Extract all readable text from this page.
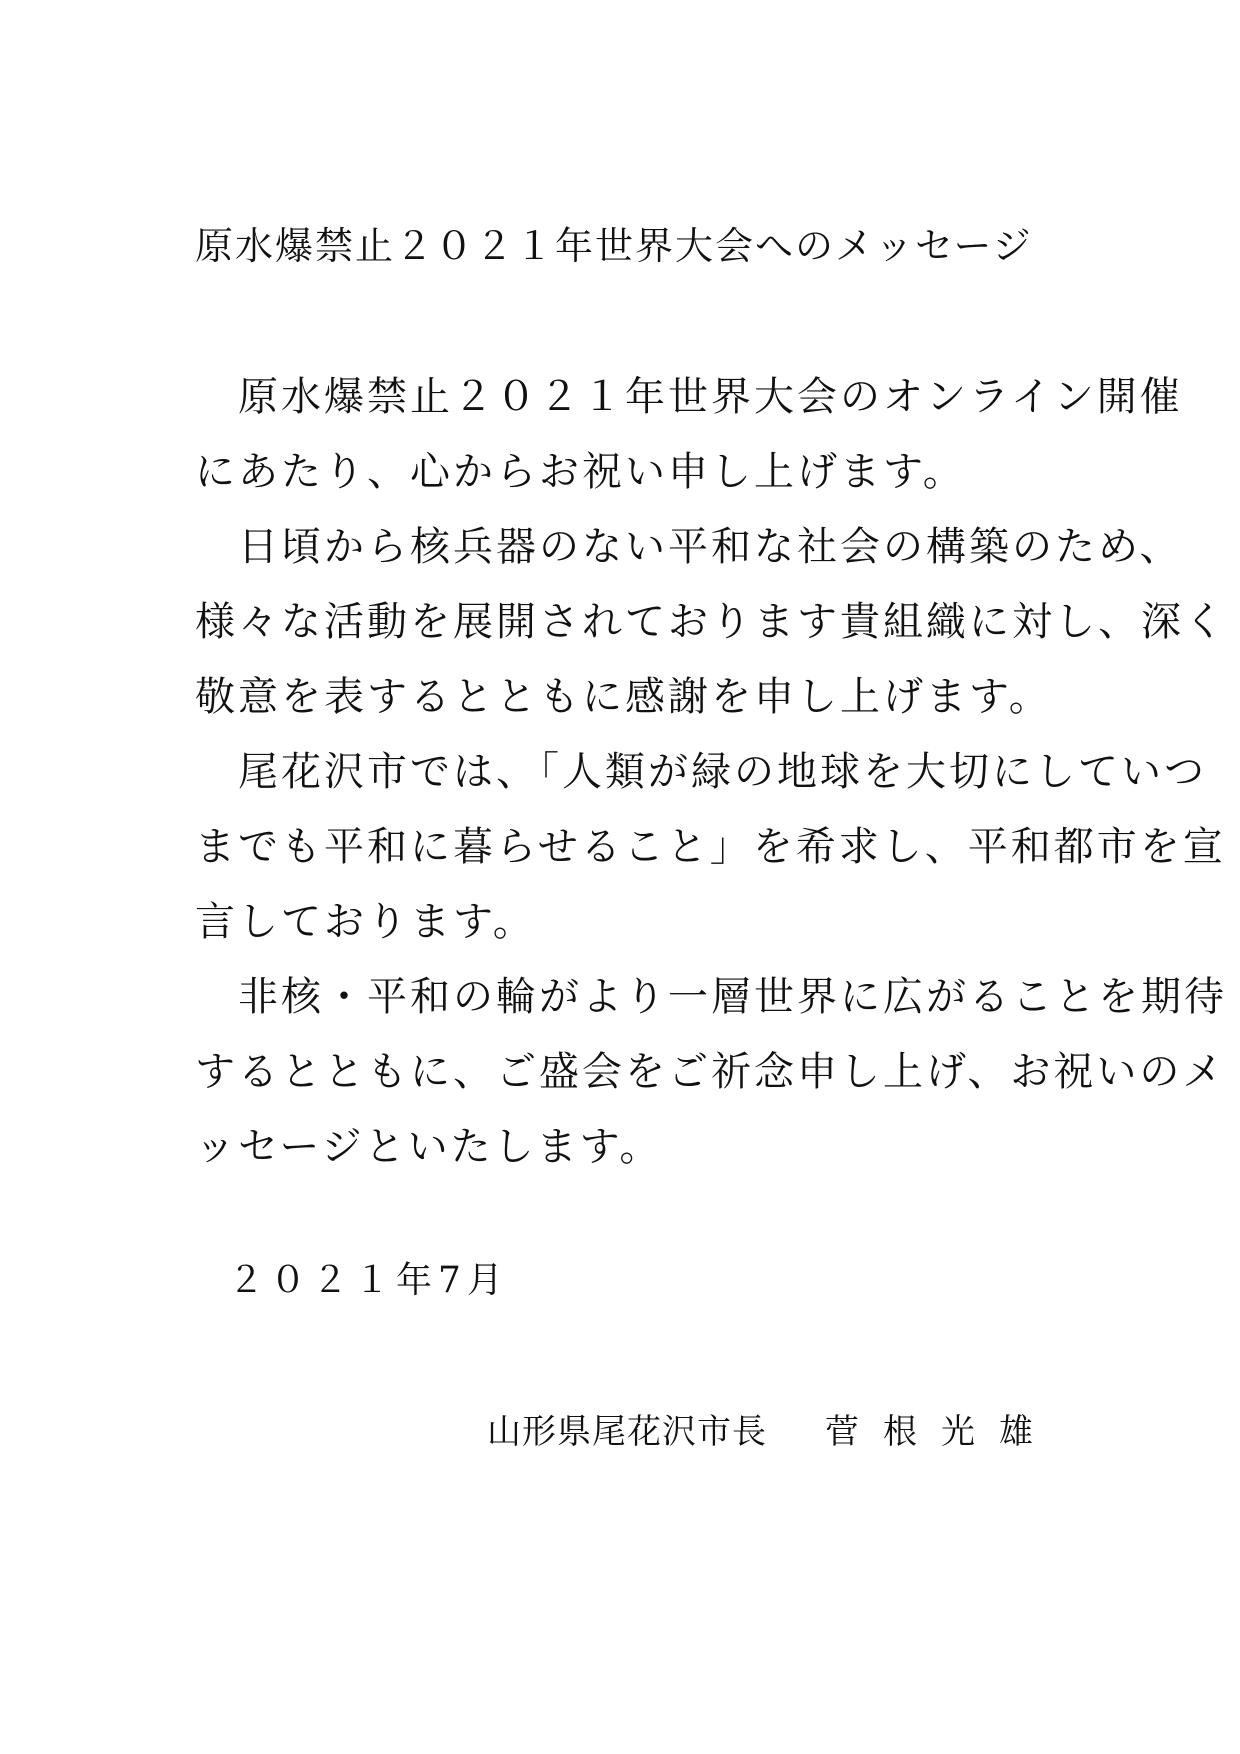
原水爆禁止２０２１年世界大会へのメッセージ
　原水爆禁止２０２１年世界大会のオンライン開催
にあたり、心からお祝い申し上げます。
　日頃から核兵器のない平和な社会の構築のため、
様々な活動を展開されております貴組織に対し、深く
敬意を表するとともに感謝を申し上げます。
　尾花沢市では、「人類が緑の地球を大切にしていつ
までも平和に暮らせること」を希求し、平和都市を宣
言しております。
　非核・平和の輪がより一層世界に広がることを期待
するとともに、ご盛会をご祈念申し上げ、お祝いのメ
ッセージといたします。
２０２１年7月
山形県尾花沢市長 菅根光雄
